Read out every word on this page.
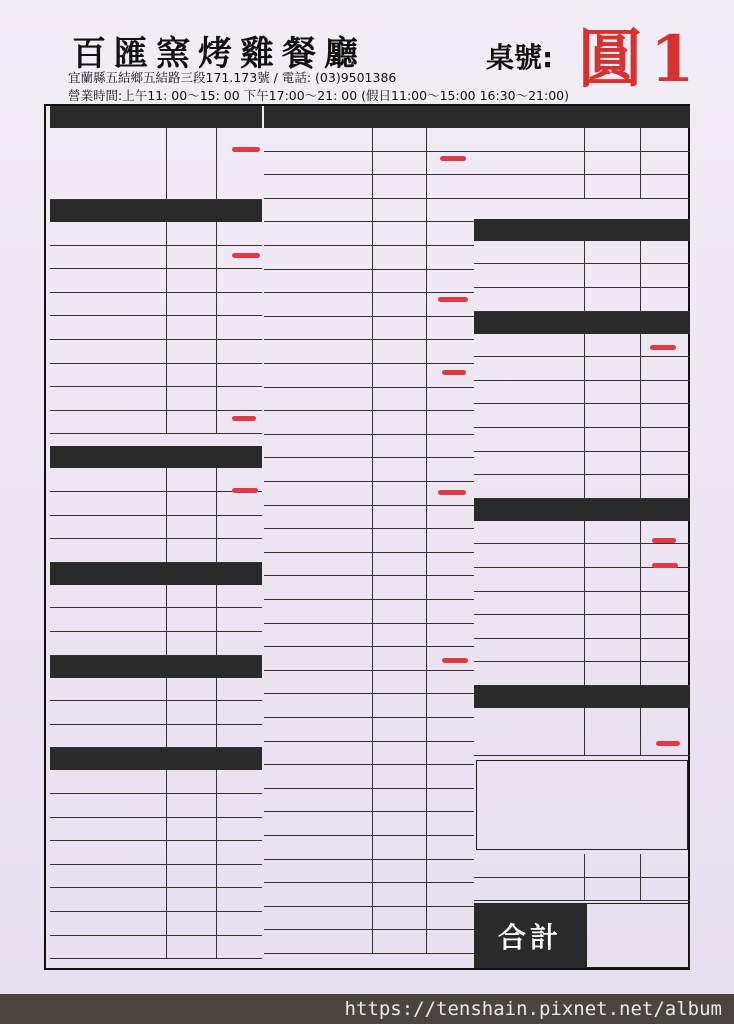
百匯窯烤雞餐廳	桌號: 圓1
宜蘭縣五結鄉五結路三段171.173號 / 電話: (03)9501386
營業時間:上午11: 00～15: 00 下午17:00～21: 00 (假日11:00～15:00 16:30～21:00)
合計
https://tenshain.pixnet.net/album
